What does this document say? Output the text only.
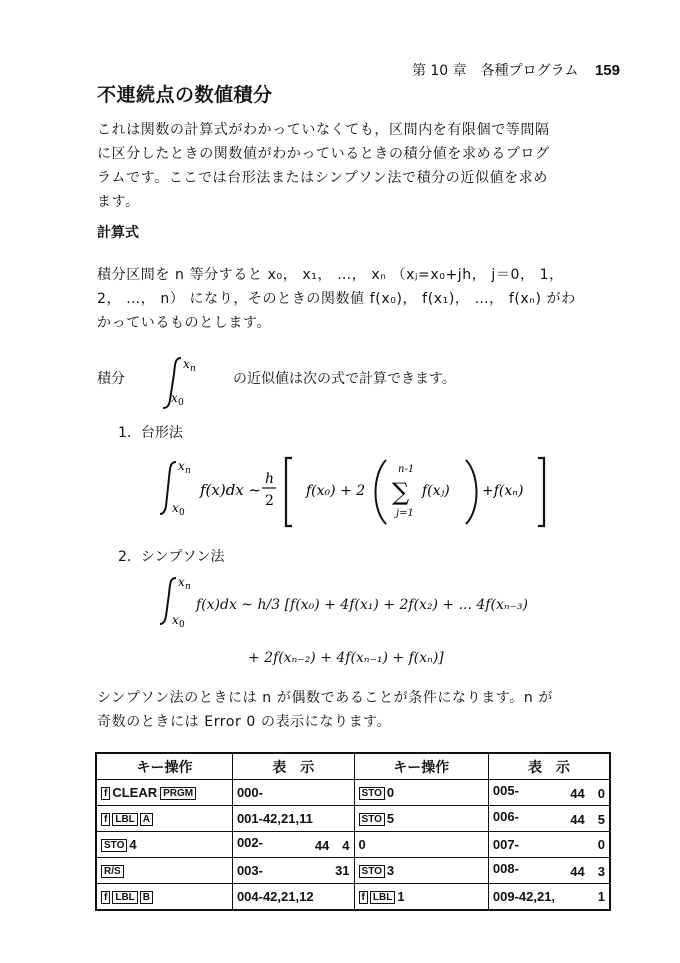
第 10 章　各種プログラム 159
不連続点の数値積分
これは関数の計算式がわかっていなくても，区間内を有限個で等間隔
に区分したときの関数値がわかっているときの積分値を求めるプログ
ラムです。ここでは台形法またはシンプソン法で積分の近似値を求め
ます。
計算式
積分区間を n 等分すると x₀， x₁， …， xₙ （xⱼ=x₀+jh， j＝0， 1，
2， …， n） になり，そのときの関数値 f(x₀)， f(x₁)， …， f(xₙ) がわ
かっているものとします。
積分
x n
x 0
の近似値は次の式で計算できます。
1．台形法
x n
x 0
f(x)dx ~
h
2
f(x₀) + 2 ∑
n-1
j=1
f(xⱼ) +f(xₙ)
2．シンプソン法
x n
x 0
f(x)dx ~ h/3 [f(x₀) + 4f(x₁) + 2f(x₂) + ... 4f(xₙ₋₃)
+ 2f(xₙ₋₂) + 4f(xₙ₋₁) + f(xₙ)]
シンプソン法のときには n が偶数であることが条件になります。n が
奇数のときには Error 0 の表示になります。
キー操作	表　示	キー操作	表　示
f CLEAR PRGM	000-	STO 0	005- 44　0

f LBL A	001-42,21,11	STO 5	006- 44　5

STO 4	002- 44　4	0	007- 0

R/S	003- 31	STO 3	008- 44　3

f LBL B	004-42,21,12	f LBL 1	009-42,21, 1
